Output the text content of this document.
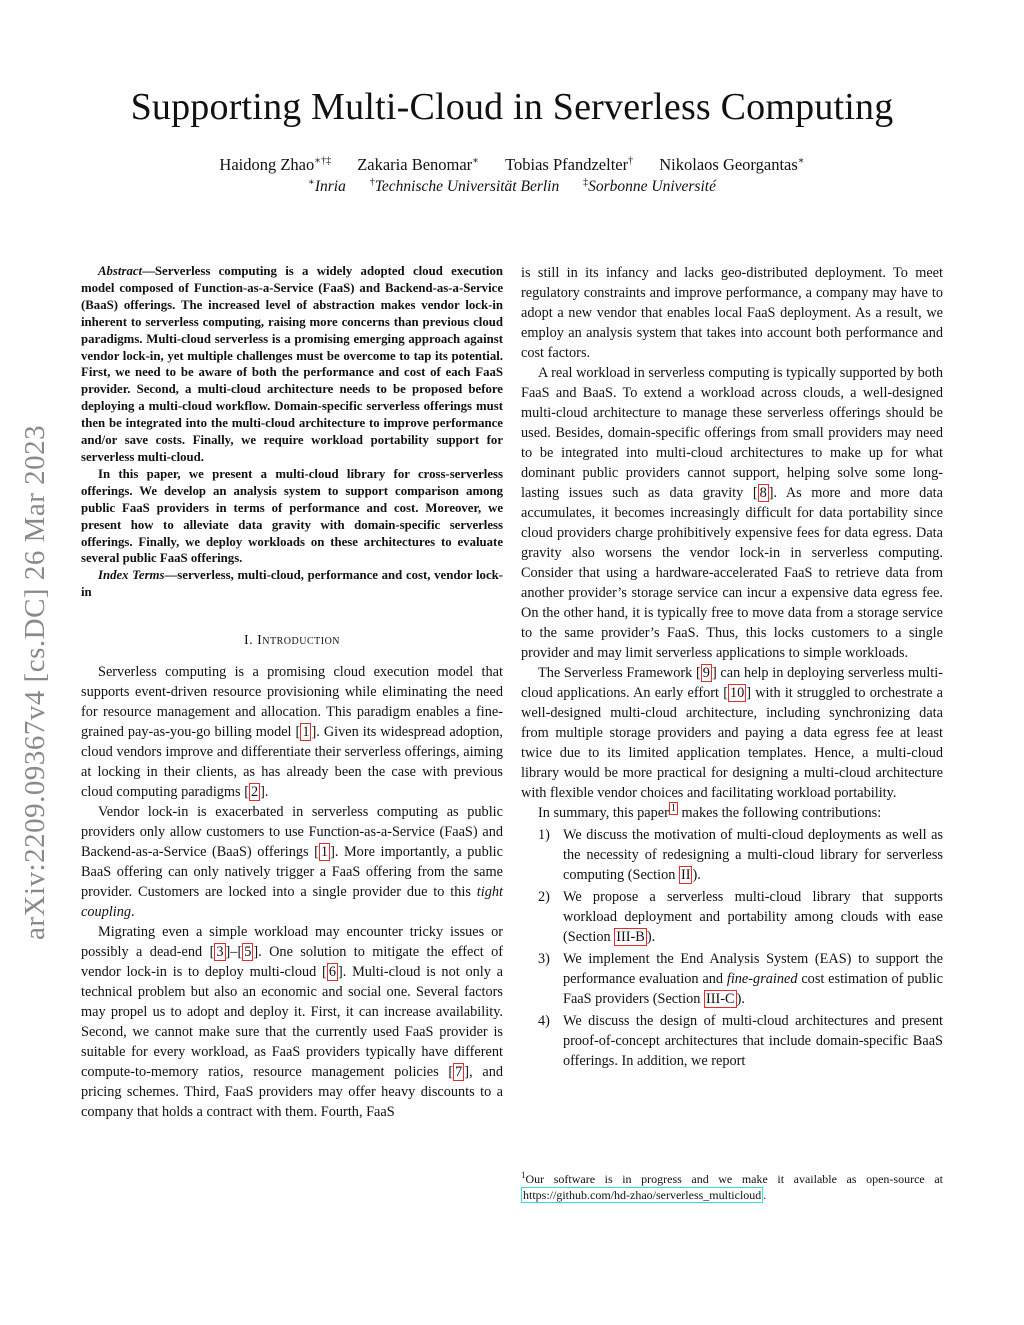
Supporting Multi-Cloud in Serverless Computing
Haidong Zhao∗†‡ Zakaria Benomar∗ Tobias Pfandzelter† Nikolaos Georgantas∗
∗Inria †Technische Universität Berlin ‡Sorbonne Université
arXiv:2209.09367v4 [cs.DC] 26 Mar 2023

Abstract—Serverless computing is a widely adopted cloud execution model composed of Function-as-a-Service (FaaS) and Backend-as-a-Service (BaaS) offerings. The increased level of abstraction makes vendor lock-in inherent to serverless computing, raising more concerns than previous cloud paradigms. Multi-cloud serverless is a promising emerging approach against vendor lock-in, yet multiple challenges must be overcome to tap its potential. First, we need to be aware of both the performance and cost of each FaaS provider. Second, a multi-cloud architecture needs to be proposed before deploying a multi-cloud workflow. Domain-specific serverless offerings must then be integrated into the multi-cloud architecture to improve performance and/or save costs. Finally, we require workload portability support for serverless multi-cloud.

In this paper, we present a multi-cloud library for cross-serverless offerings. We develop an analysis system to support comparison among public FaaS providers in terms of performance and cost. Moreover, we present how to alleviate data gravity with domain-specific serverless offerings. Finally, we deploy workloads on these architectures to evaluate several public FaaS offerings.

Index Terms—serverless, multi-cloud, performance and cost, vendor lock-in

I. Introduction

Serverless computing is a promising cloud execution model that supports event-driven resource provisioning while eliminating the need for resource management and allocation. This paradigm enables a fine-grained pay-as-you-go billing model [ 1 ]. Given its widespread adoption, cloud vendors improve and differentiate their serverless offerings, aiming at locking in their clients, as has already been the case with previous cloud computing paradigms [ 2 ].

Vendor lock-in is exacerbated in serverless computing as public providers only allow customers to use Function-as-a-Service (FaaS) and Backend-as-a-Service (BaaS) offerings [ 1 ]. More importantly, a public BaaS offering can only natively trigger a FaaS offering from the same provider. Customers are locked into a single provider due to this tight coupling.

Migrating even a simple workload may encounter tricky issues or possibly a dead-end [ 3 ]–[ 5 ]. One solution to mitigate the effect of vendor lock-in is to deploy multi-cloud [ 6 ]. Multi-cloud is not only a technical problem but also an economic and social one. Several factors may propel us to adopt and deploy it. First, it can increase availability. Second, we cannot make sure that the currently used FaaS provider is suitable for every workload, as FaaS providers typically have different compute-to-memory ratios, resource management policies [ 7 ], and pricing schemes. Third, FaaS providers may offer heavy discounts to a company that holds a contract with them. Fourth, FaaS

is still in its infancy and lacks geo-distributed deployment. To meet regulatory constraints and improve performance, a company may have to adopt a new vendor that enables local FaaS deployment. As a result, we employ an analysis system that takes into account both performance and cost factors.

A real workload in serverless computing is typically supported by both FaaS and BaaS. To extend a workload across clouds, a well-designed multi-cloud architecture to manage these serverless offerings should be used. Besides, domain-specific offerings from small providers may need to be integrated into multi-cloud architectures to make up for what dominant public providers cannot support, helping solve some long-lasting issues such as data gravity [ 8 ]. As more and more data accumulates, it becomes increasingly difficult for data portability since cloud providers charge prohibitively expensive fees for data egress. Data gravity also worsens the vendor lock-in in serverless computing. Consider that using a hardware-accelerated FaaS to retrieve data from another provider’s storage service can incur a expensive data egress fee. On the other hand, it is typically free to move data from a storage service to the same provider’s FaaS. Thus, this locks customers to a single provider and may limit serverless applications to simple workloads.

The Serverless Framework [ 9 ] can help in deploying serverless multi-cloud applications. An early effort [ 10 ] with it struggled to orchestrate a well-designed multi-cloud architecture, including synchronizing data from multiple storage providers and paying a data egress fee at least twice due to its limited application templates. Hence, a multi-cloud library would be more practical for designing a multi-cloud architecture with flexible vendor choices and facilitating workload portability.

In summary, this paper $^1$ makes the following contributions:

1) We discuss the motivation of multi-cloud deployments as well as the necessity of redesigning a multi-cloud library for serverless computing (Section II ).
2) We propose a serverless multi-cloud library that supports workload deployment and portability among clouds with ease (Section III-B ).
3) We implement the End Analysis System (EAS) to support the performance evaluation and fine-grained cost estimation of public FaaS providers (Section III-C ).
4) We discuss the design of multi-cloud architectures and present proof-of-concept architectures that include domain-specific BaaS offerings. In addition, we report
$^1$Our software is in progress and we make it available as open-source at https://github.com/hd-zhao/serverless_multicloud .
